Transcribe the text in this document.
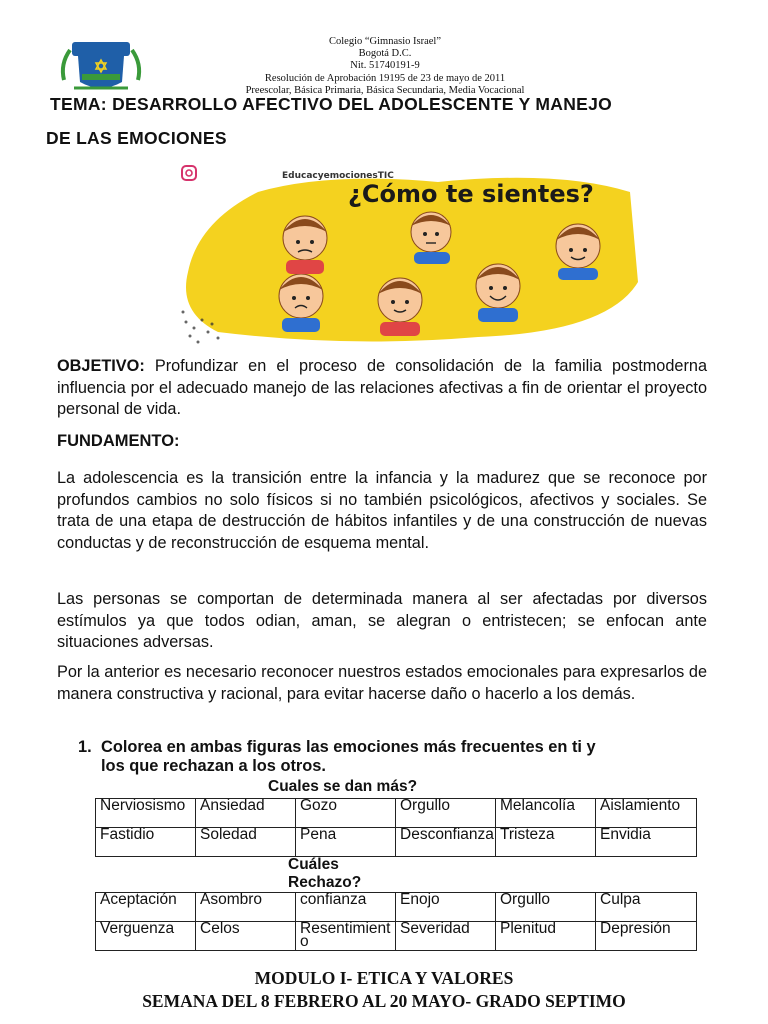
Colegio “Gimnasio Israel”
Bogotá D.C.
Nit. 51740191-9
Resolución de Aprobación 19195 de 23 de mayo de 2011
Preescolar, Básica Primaria, Básica Secundaria, Media Vocacional
TEMA: DESARROLLO AFECTIVO DEL ADOLESCENTE Y MANEJO
DE LAS EMOCIONES
EducacyemocionesTIC
¿Cómo te sientes?
OBJETIVO: Profundizar en el proceso de consolidación de la familia postmoderna influencia por el adecuado manejo de las relaciones afectivas a fin de orientar el proyecto personal de vida.
FUNDAMENTO:
La adolescencia es la transición entre la infancia y la madurez que se reconoce por profundos cambios no solo físicos si no también psicológicos, afectivos y sociales. Se trata de una etapa de destrucción de hábitos infantiles y de una construcción de nuevas conductas y de reconstrucción de esquema mental.
Las personas se comportan de determinada manera al ser afectadas por diversos estímulos ya que todos odian, aman, se alegran o entristecen; se enfocan ante situaciones adversas.
Por la anterior es necesario reconocer nuestros estados emocionales para expresarlos de manera constructiva y racional, para evitar hacerse daño o hacerlo a los demás.
1. Colorea en ambas figuras las emociones más frecuentes en ti y
los que rechazan a los otros.
Cuales se dan más?
Nerviosismo	Ansiedad	Gozo	Orgullo	Melancolía	Aislamiento
Fastidio	Soledad	Pena	Desconfianza	Tristeza	Envidia
Cuáles
Rechazo?
Aceptación	Asombro	confianza	Enojo	Orgullo	Culpa
Verguenza	Celos	Resentimiento	Severidad	Plenitud	Depresión
MODULO I- ETICA Y VALORES
SEMANA DEL 8 FEBRERO AL 20 MAYO- GRADO SEPTIMO
